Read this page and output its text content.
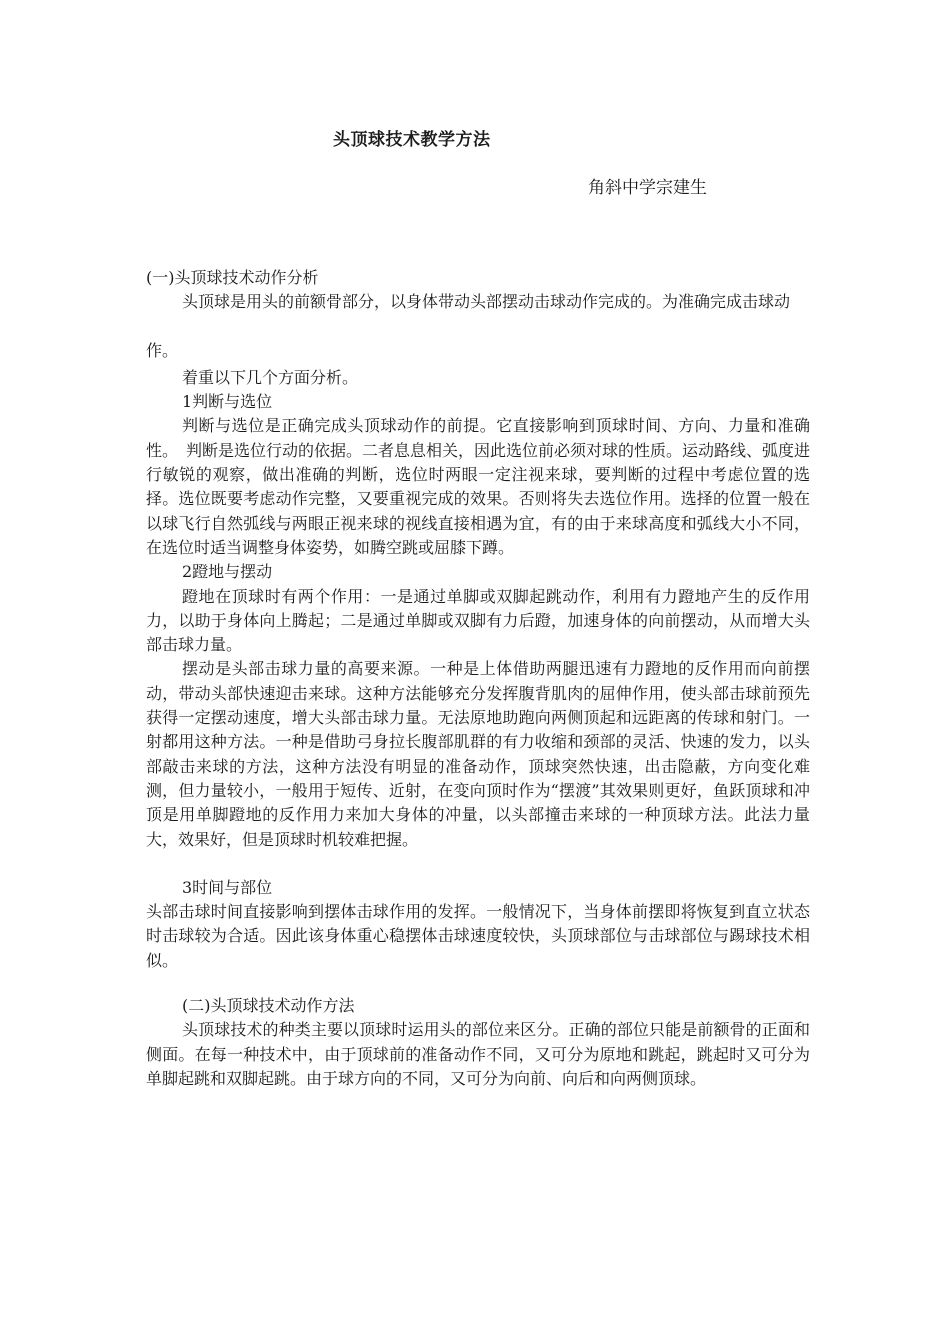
头顶球技术教学方法

角斜中学宗建生

(一)头顶球技术动作分析

头顶球是用头的前额骨部分，以身体带动头部摆动击球动作完成的。为准确完成击球动

作。

着重以下几个方面分析。

1判断与选位

判断与选位是正确完成头顶球动作的前提。它直接影响到顶球时间、方向、力量和准确性。　判断是选位行动的依据。二者息息相关，因此选位前必须对球的性质。运动路线、弧度进行敏锐的观察，做出准确的判断，选位时两眼一定注视来球，要判断的过程中考虑位置的选择。选位既要考虑动作完整，又要重视完成的效果。否则将失去选位作用。选择的位置一般在以球飞行自然弧线与两眼正视来球的视线直接相遇为宜，有的由于来球高度和弧线大小不同，在选位时适当调整身体姿势，如腾空跳或屈膝下蹲。

2蹬地与摆动

蹬地在顶球时有两个作用：一是通过单脚或双脚起跳动作，利用有力蹬地产生的反作用力，以助于身体向上腾起；二是通过单脚或双脚有力后蹬，加速身体的向前摆动，从而增大头部击球力量。

摆动是头部击球力量的高要来源。一种是上体借助两腿迅速有力蹬地的反作用而向前摆动，带动头部快速迎击来球。这种方法能够充分发挥腹背肌肉的屈伸作用，使头部击球前预先获得一定摆动速度，增大头部击球力量。无法原地助跑向两侧顶起和远距离的传球和射门。一射都用这种方法。一种是借助弓身拉长腹部肌群的有力收缩和颈部的灵活、快速的发力，以头部敲击来球的方法，这种方法没有明显的准备动作，顶球突然快速，出击隐蔽，方向变化难测，但力量较小，一般用于短传、近射，在变向顶时作为“摆渡”其效果则更好，鱼跃顶球和冲顶是用单脚蹬地的反作用力来加大身体的冲量，以头部撞击来球的一种顶球方法。此法力量大，效果好，但是顶球时机较难把握。

3时间与部位

头部击球时间直接影响到摆体击球作用的发挥。一般情况下，当身体前摆即将恢复到直立状态时击球较为合适。因此该身体重心稳摆体击球速度较快，头顶球部位与击球部位与踢球技术相似。

(二)头顶球技术动作方法

头顶球技术的种类主要以顶球时运用头的部位来区分。正确的部位只能是前额骨的正面和侧面。在每一种技术中，由于顶球前的准备动作不同，又可分为原地和跳起，跳起时又可分为单脚起跳和双脚起跳。由于球方向的不同，又可分为向前、向后和向两侧顶球。
